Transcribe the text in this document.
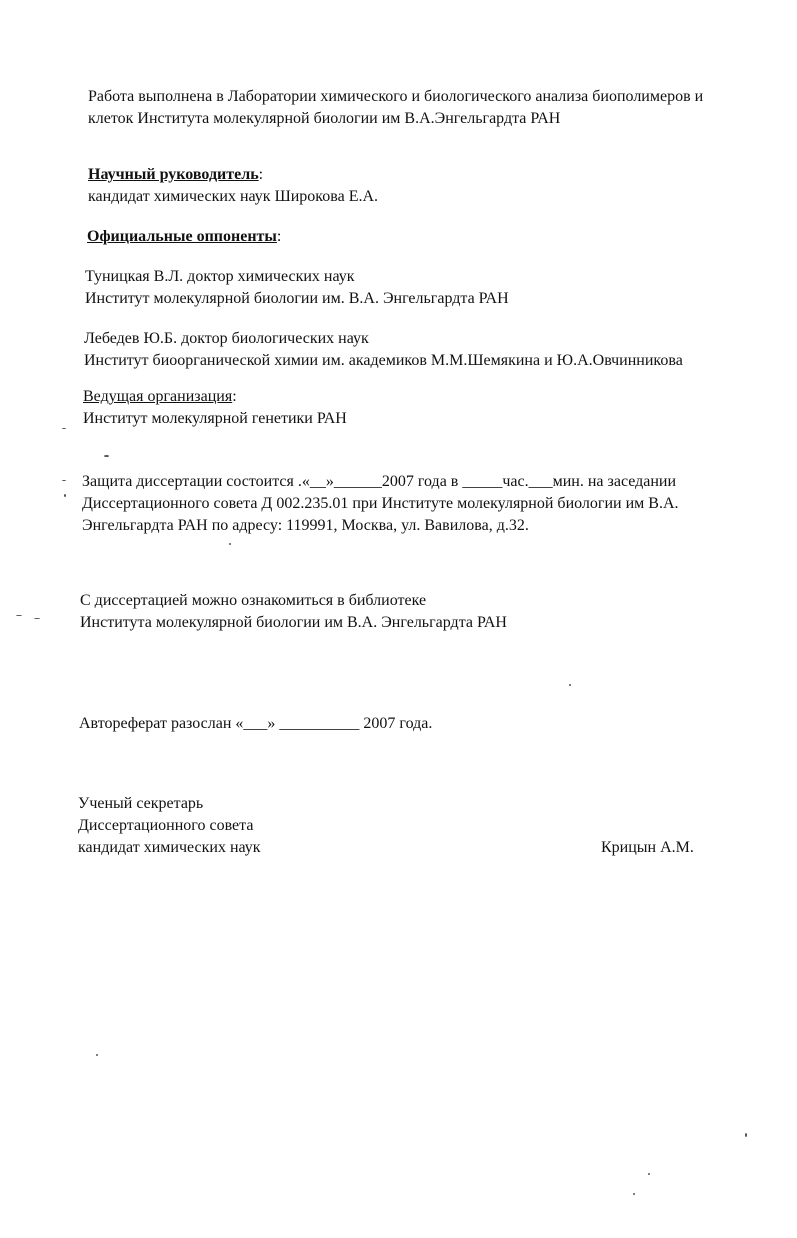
Работа выполнена в Лаборатории химического и биологического анализа биополимеров и
клеток Института молекулярной биологии им В.А.Энгельгардта РАН
Научный руководитель:
кандидат химических наук Широкова Е.А.
Официальные оппоненты:
Туницкая В.Л. доктор химических наук
Институт молекулярной биологии им. В.А. Энгельгардта РАН
Лебедев Ю.Б. доктор биологических наук
Институт биоорганической химии им. академиков М.М.Шемякина и Ю.А.Овчинникова
Ведущая организация:
Институт молекулярной генетики РАН
Защита диссертации состоится .«__»______2007 года в _____час.___мин. на заседании
Диссертационного совета Д 002.235.01 при Институте молекулярной биологии им В.А.
Энгельгардта РАН по адресу: 119991, Москва, ул. Вавилова, д.32.
С диссертацией можно ознакомиться в библиотеке
Института молекулярной биологии им В.А. Энгельгардта РАН
Автореферат разослан «___» __________ 2007 года.
Ученый секретарь
Диссертационного совета
кандидат химических наук	Крицын А.М.
